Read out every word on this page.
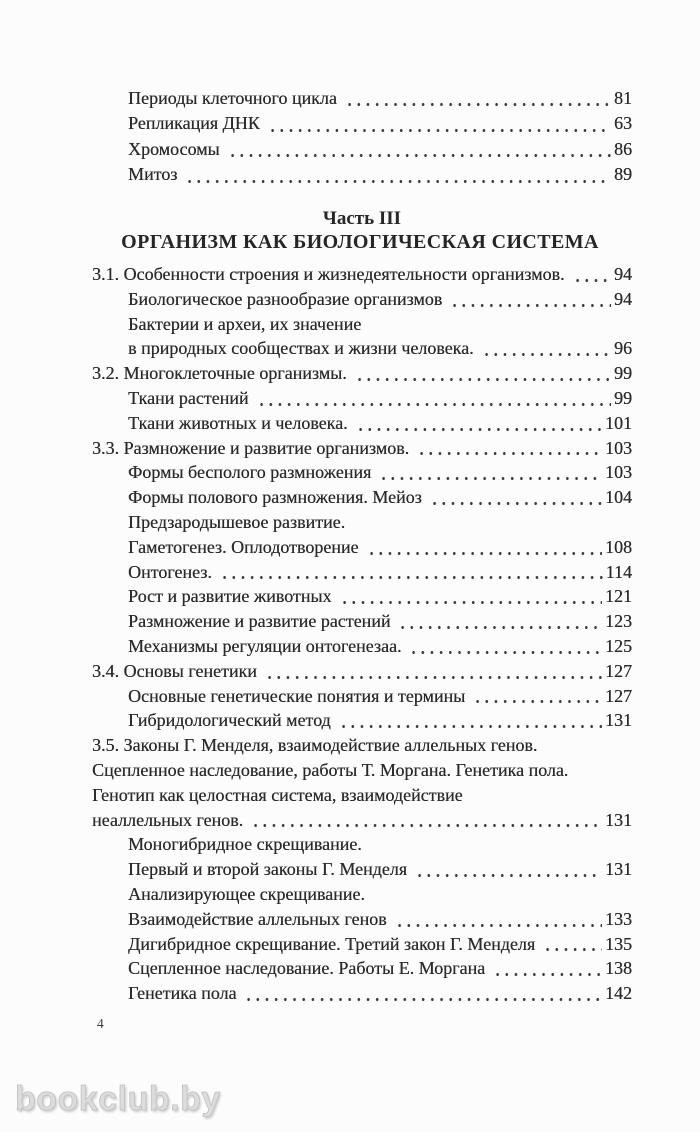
Периоды клеточного цикла	81
Репликация ДНК	63
Хромосомы	86
Митоз	89
Часть III
ОРГАНИЗМ КАК БИОЛОГИЧЕСКАЯ СИСТЕМА
3.1. Особенности строения и жизнедеятельности организмов.	94
Биологическое разнообразие организмов	94
Бактерии и археи, их значение
в природных сообществах и жизни человека.	96
3.2. Многоклеточные организмы.	99
Ткани растений	99
Ткани животных и человека.	101
3.3. Размножение и развитие организмов.	103
Формы бесполого размножения	103
Формы полового размножения. Мейоз	104
Предзародышевое развитие.
Гаметогенез. Оплодотворение	108
Онтогенез.	114
Рост и развитие животных	121
Размножение и развитие растений	123
Механизмы регуляции онтогенезаа.	125
3.4. Основы генетики	127
Основные генетические понятия и термины	127
Гибридологический метод	131
3.5. Законы Г. Менделя, взаимодействие аллельных генов.
Сцепленное наследование, работы Т. Моргана. Генетика пола.
Генотип как целостная система, взаимодействие
неаллельных генов.	131
Моногибридное скрещивание.
Первый и второй законы Г. Менделя	131
Анализирующее скрещивание.
Взаимодействие аллельных генов	133
Дигибридное скрещивание. Третий закон Г. Менделя	135
Сцепленное наследование. Работы Е. Моргана	138
Генетика пола	142
4
bookclub.by
